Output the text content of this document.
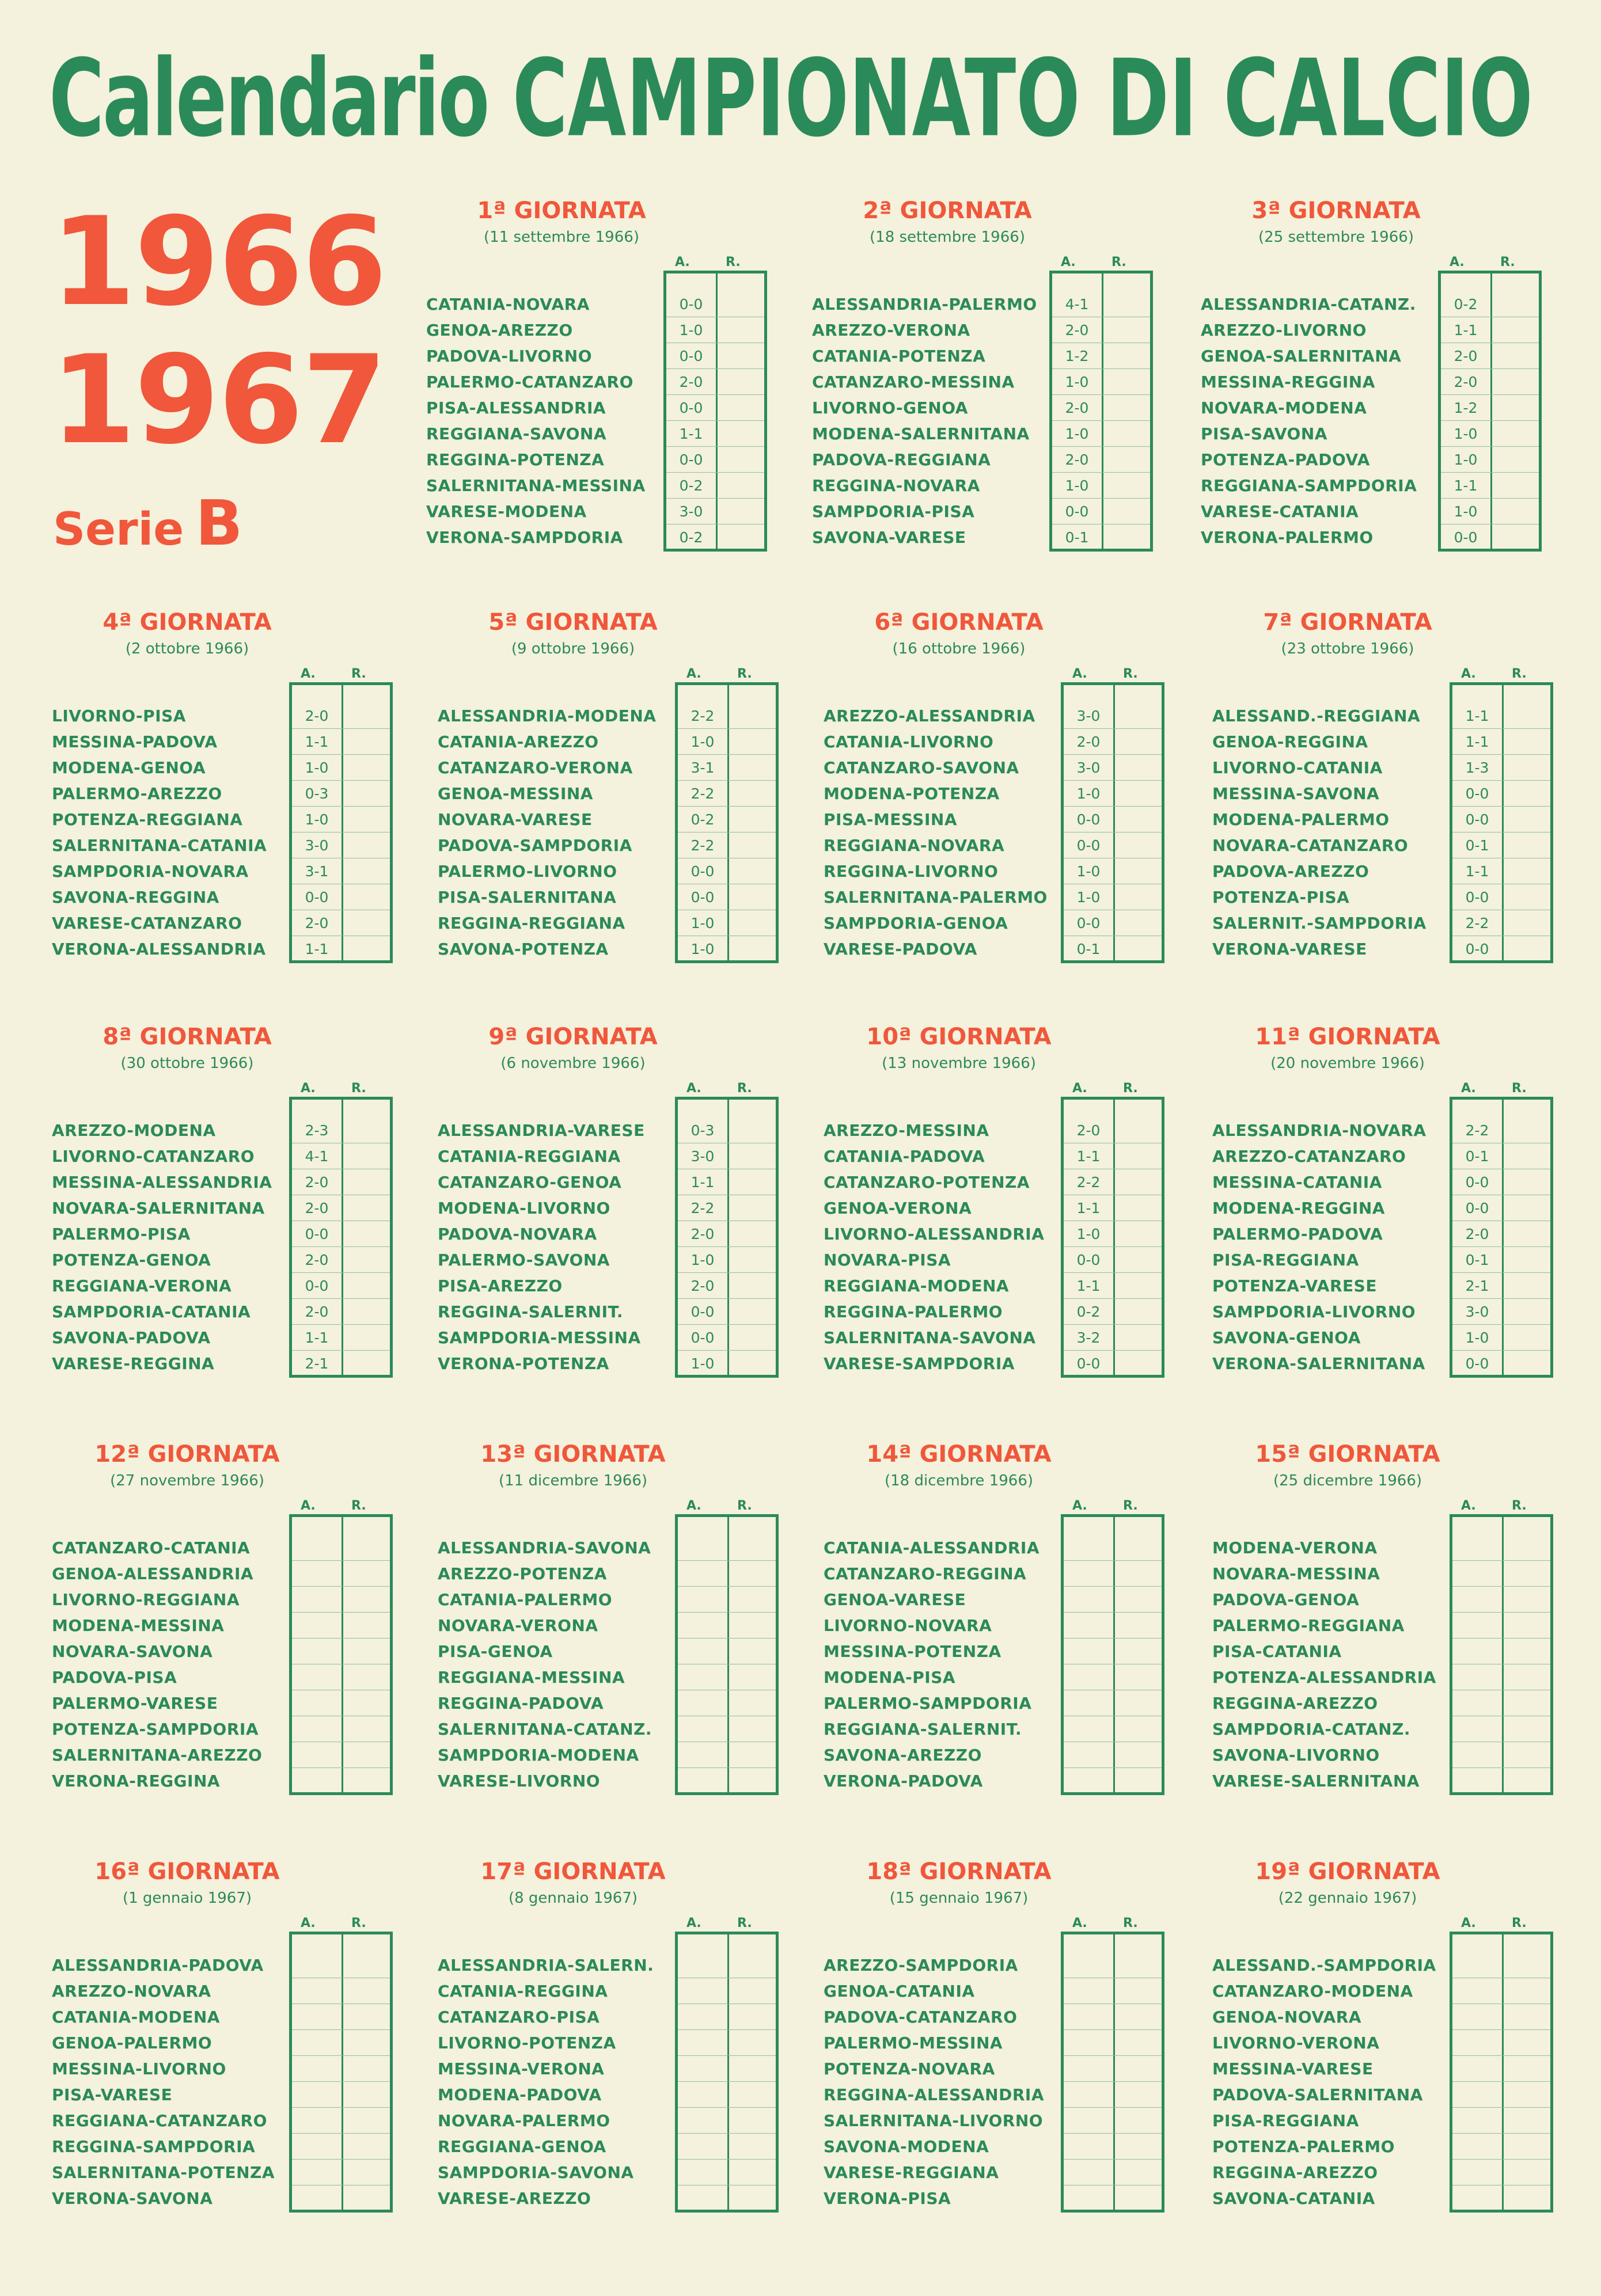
Calendario CAMPIONATO DI CALCIO
1966
1967
Serie B
1ª GIORNATA
(11 settembre 1966)
A.	R.
CATANIA-NOVARA	0-0
GENOA-AREZZO	1-0
PADOVA-LIVORNO	0-0
PALERMO-CATANZARO	2-0
PISA-ALESSANDRIA	0-0
REGGIANA-SAVONA	1-1
REGGINA-POTENZA	0-0
SALERNITANA-MESSINA	0-2
VARESE-MODENA	3-0
VERONA-SAMPDORIA	0-2
2ª GIORNATA
(18 settembre 1966)
A.	R.
ALESSANDRIA-PALERMO	4-1
AREZZO-VERONA	2-0
CATANIA-POTENZA	1-2
CATANZARO-MESSINA	1-0
LIVORNO-GENOA	2-0
MODENA-SALERNITANA	1-0
PADOVA-REGGIANA	2-0
REGGINA-NOVARA	1-0
SAMPDORIA-PISA	0-0
SAVONA-VARESE	0-1
3ª GIORNATA
(25 settembre 1966)
A.	R.
ALESSANDRIA-CATANZ.	0-2
AREZZO-LIVORNO	1-1
GENOA-SALERNITANA	2-0
MESSINA-REGGINA	2-0
NOVARA-MODENA	1-2
PISA-SAVONA	1-0
POTENZA-PADOVA	1-0
REGGIANA-SAMPDORIA	1-1
VARESE-CATANIA	1-0
VERONA-PALERMO	0-0
4ª GIORNATA
(2 ottobre 1966)
A.	R.
LIVORNO-PISA	2-0
MESSINA-PADOVA	1-1
MODENA-GENOA	1-0
PALERMO-AREZZO	0-3
POTENZA-REGGIANA	1-0
SALERNITANA-CATANIA	3-0
SAMPDORIA-NOVARA	3-1
SAVONA-REGGINA	0-0
VARESE-CATANZARO	2-0
VERONA-ALESSANDRIA	1-1
5ª GIORNATA
(9 ottobre 1966)
A.	R.
ALESSANDRIA-MODENA	2-2
CATANIA-AREZZO	1-0
CATANZARO-VERONA	3-1
GENOA-MESSINA	2-2
NOVARA-VARESE	0-2
PADOVA-SAMPDORIA	2-2
PALERMO-LIVORNO	0-0
PISA-SALERNITANA	0-0
REGGINA-REGGIANA	1-0
SAVONA-POTENZA	1-0
6ª GIORNATA
(16 ottobre 1966)
A.	R.
AREZZO-ALESSANDRIA	3-0
CATANIA-LIVORNO	2-0
CATANZARO-SAVONA	3-0
MODENA-POTENZA	1-0
PISA-MESSINA	0-0
REGGIANA-NOVARA	0-0
REGGINA-LIVORNO	1-0
SALERNITANA-PALERMO	1-0
SAMPDORIA-GENOA	0-0
VARESE-PADOVA	0-1
7ª GIORNATA
(23 ottobre 1966)
A.	R.
ALESSAND.-REGGIANA	1-1
GENOA-REGGINA	1-1
LIVORNO-CATANIA	1-3
MESSINA-SAVONA	0-0
MODENA-PALERMO	0-0
NOVARA-CATANZARO	0-1
PADOVA-AREZZO	1-1
POTENZA-PISA	0-0
SALERNIT.-SAMPDORIA	2-2
VERONA-VARESE	0-0
8ª GIORNATA
(30 ottobre 1966)
A.	R.
AREZZO-MODENA	2-3
LIVORNO-CATANZARO	4-1
MESSINA-ALESSANDRIA	2-0
NOVARA-SALERNITANA	2-0
PALERMO-PISA	0-0
POTENZA-GENOA	2-0
REGGIANA-VERONA	0-0
SAMPDORIA-CATANIA	2-0
SAVONA-PADOVA	1-1
VARESE-REGGINA	2-1
9ª GIORNATA
(6 novembre 1966)
A.	R.
ALESSANDRIA-VARESE	0-3
CATANIA-REGGIANA	3-0
CATANZARO-GENOA	1-1
MODENA-LIVORNO	2-2
PADOVA-NOVARA	2-0
PALERMO-SAVONA	1-0
PISA-AREZZO	2-0
REGGINA-SALERNIT.	0-0
SAMPDORIA-MESSINA	0-0
VERONA-POTENZA	1-0
10ª GIORNATA
(13 novembre 1966)
A.	R.
AREZZO-MESSINA	2-0
CATANIA-PADOVA	1-1
CATANZARO-POTENZA	2-2
GENOA-VERONA	1-1
LIVORNO-ALESSANDRIA	1-0
NOVARA-PISA	0-0
REGGIANA-MODENA	1-1
REGGINA-PALERMO	0-2
SALERNITANA-SAVONA	3-2
VARESE-SAMPDORIA	0-0
11ª GIORNATA
(20 novembre 1966)
A.	R.
ALESSANDRIA-NOVARA	2-2
AREZZO-CATANZARO	0-1
MESSINA-CATANIA	0-0
MODENA-REGGINA	0-0
PALERMO-PADOVA	2-0
PISA-REGGIANA	0-1
POTENZA-VARESE	2-1
SAMPDORIA-LIVORNO	3-0
SAVONA-GENOA	1-0
VERONA-SALERNITANA	0-0
12ª GIORNATA
(27 novembre 1966)
A.	R.
CATANZARO-CATANIA
GENOA-ALESSANDRIA
LIVORNO-REGGIANA
MODENA-MESSINA
NOVARA-SAVONA
PADOVA-PISA
PALERMO-VARESE
POTENZA-SAMPDORIA
SALERNITANA-AREZZO
VERONA-REGGINA
13ª GIORNATA
(11 dicembre 1966)
A.	R.
ALESSANDRIA-SAVONA
AREZZO-POTENZA
CATANIA-PALERMO
NOVARA-VERONA
PISA-GENOA
REGGIANA-MESSINA
REGGINA-PADOVA
SALERNITANA-CATANZ.
SAMPDORIA-MODENA
VARESE-LIVORNO
14ª GIORNATA
(18 dicembre 1966)
A.	R.
CATANIA-ALESSANDRIA
CATANZARO-REGGINA
GENOA-VARESE
LIVORNO-NOVARA
MESSINA-POTENZA
MODENA-PISA
PALERMO-SAMPDORIA
REGGIANA-SALERNIT.
SAVONA-AREZZO
VERONA-PADOVA
15ª GIORNATA
(25 dicembre 1966)
A.	R.
MODENA-VERONA
NOVARA-MESSINA
PADOVA-GENOA
PALERMO-REGGIANA
PISA-CATANIA
POTENZA-ALESSANDRIA
REGGINA-AREZZO
SAMPDORIA-CATANZ.
SAVONA-LIVORNO
VARESE-SALERNITANA
16ª GIORNATA
(1 gennaio 1967)
A.	R.
ALESSANDRIA-PADOVA
AREZZO-NOVARA
CATANIA-MODENA
GENOA-PALERMO
MESSINA-LIVORNO
PISA-VARESE
REGGIANA-CATANZARO
REGGINA-SAMPDORIA
SALERNITANA-POTENZA
VERONA-SAVONA
17ª GIORNATA
(8 gennaio 1967)
A.	R.
ALESSANDRIA-SALERN.
CATANIA-REGGINA
CATANZARO-PISA
LIVORNO-POTENZA
MESSINA-VERONA
MODENA-PADOVA
NOVARA-PALERMO
REGGIANA-GENOA
SAMPDORIA-SAVONA
VARESE-AREZZO
18ª GIORNATA
(15 gennaio 1967)
A.	R.
AREZZO-SAMPDORIA
GENOA-CATANIA
PADOVA-CATANZARO
PALERMO-MESSINA
POTENZA-NOVARA
REGGINA-ALESSANDRIA
SALERNITANA-LIVORNO
SAVONA-MODENA
VARESE-REGGIANA
VERONA-PISA
19ª GIORNATA
(22 gennaio 1967)
A.	R.
ALESSAND.-SAMPDORIA
CATANZARO-MODENA
GENOA-NOVARA
LIVORNO-VERONA
MESSINA-VARESE
PADOVA-SALERNITANA
PISA-REGGIANA
POTENZA-PALERMO
REGGINA-AREZZO
SAVONA-CATANIA
